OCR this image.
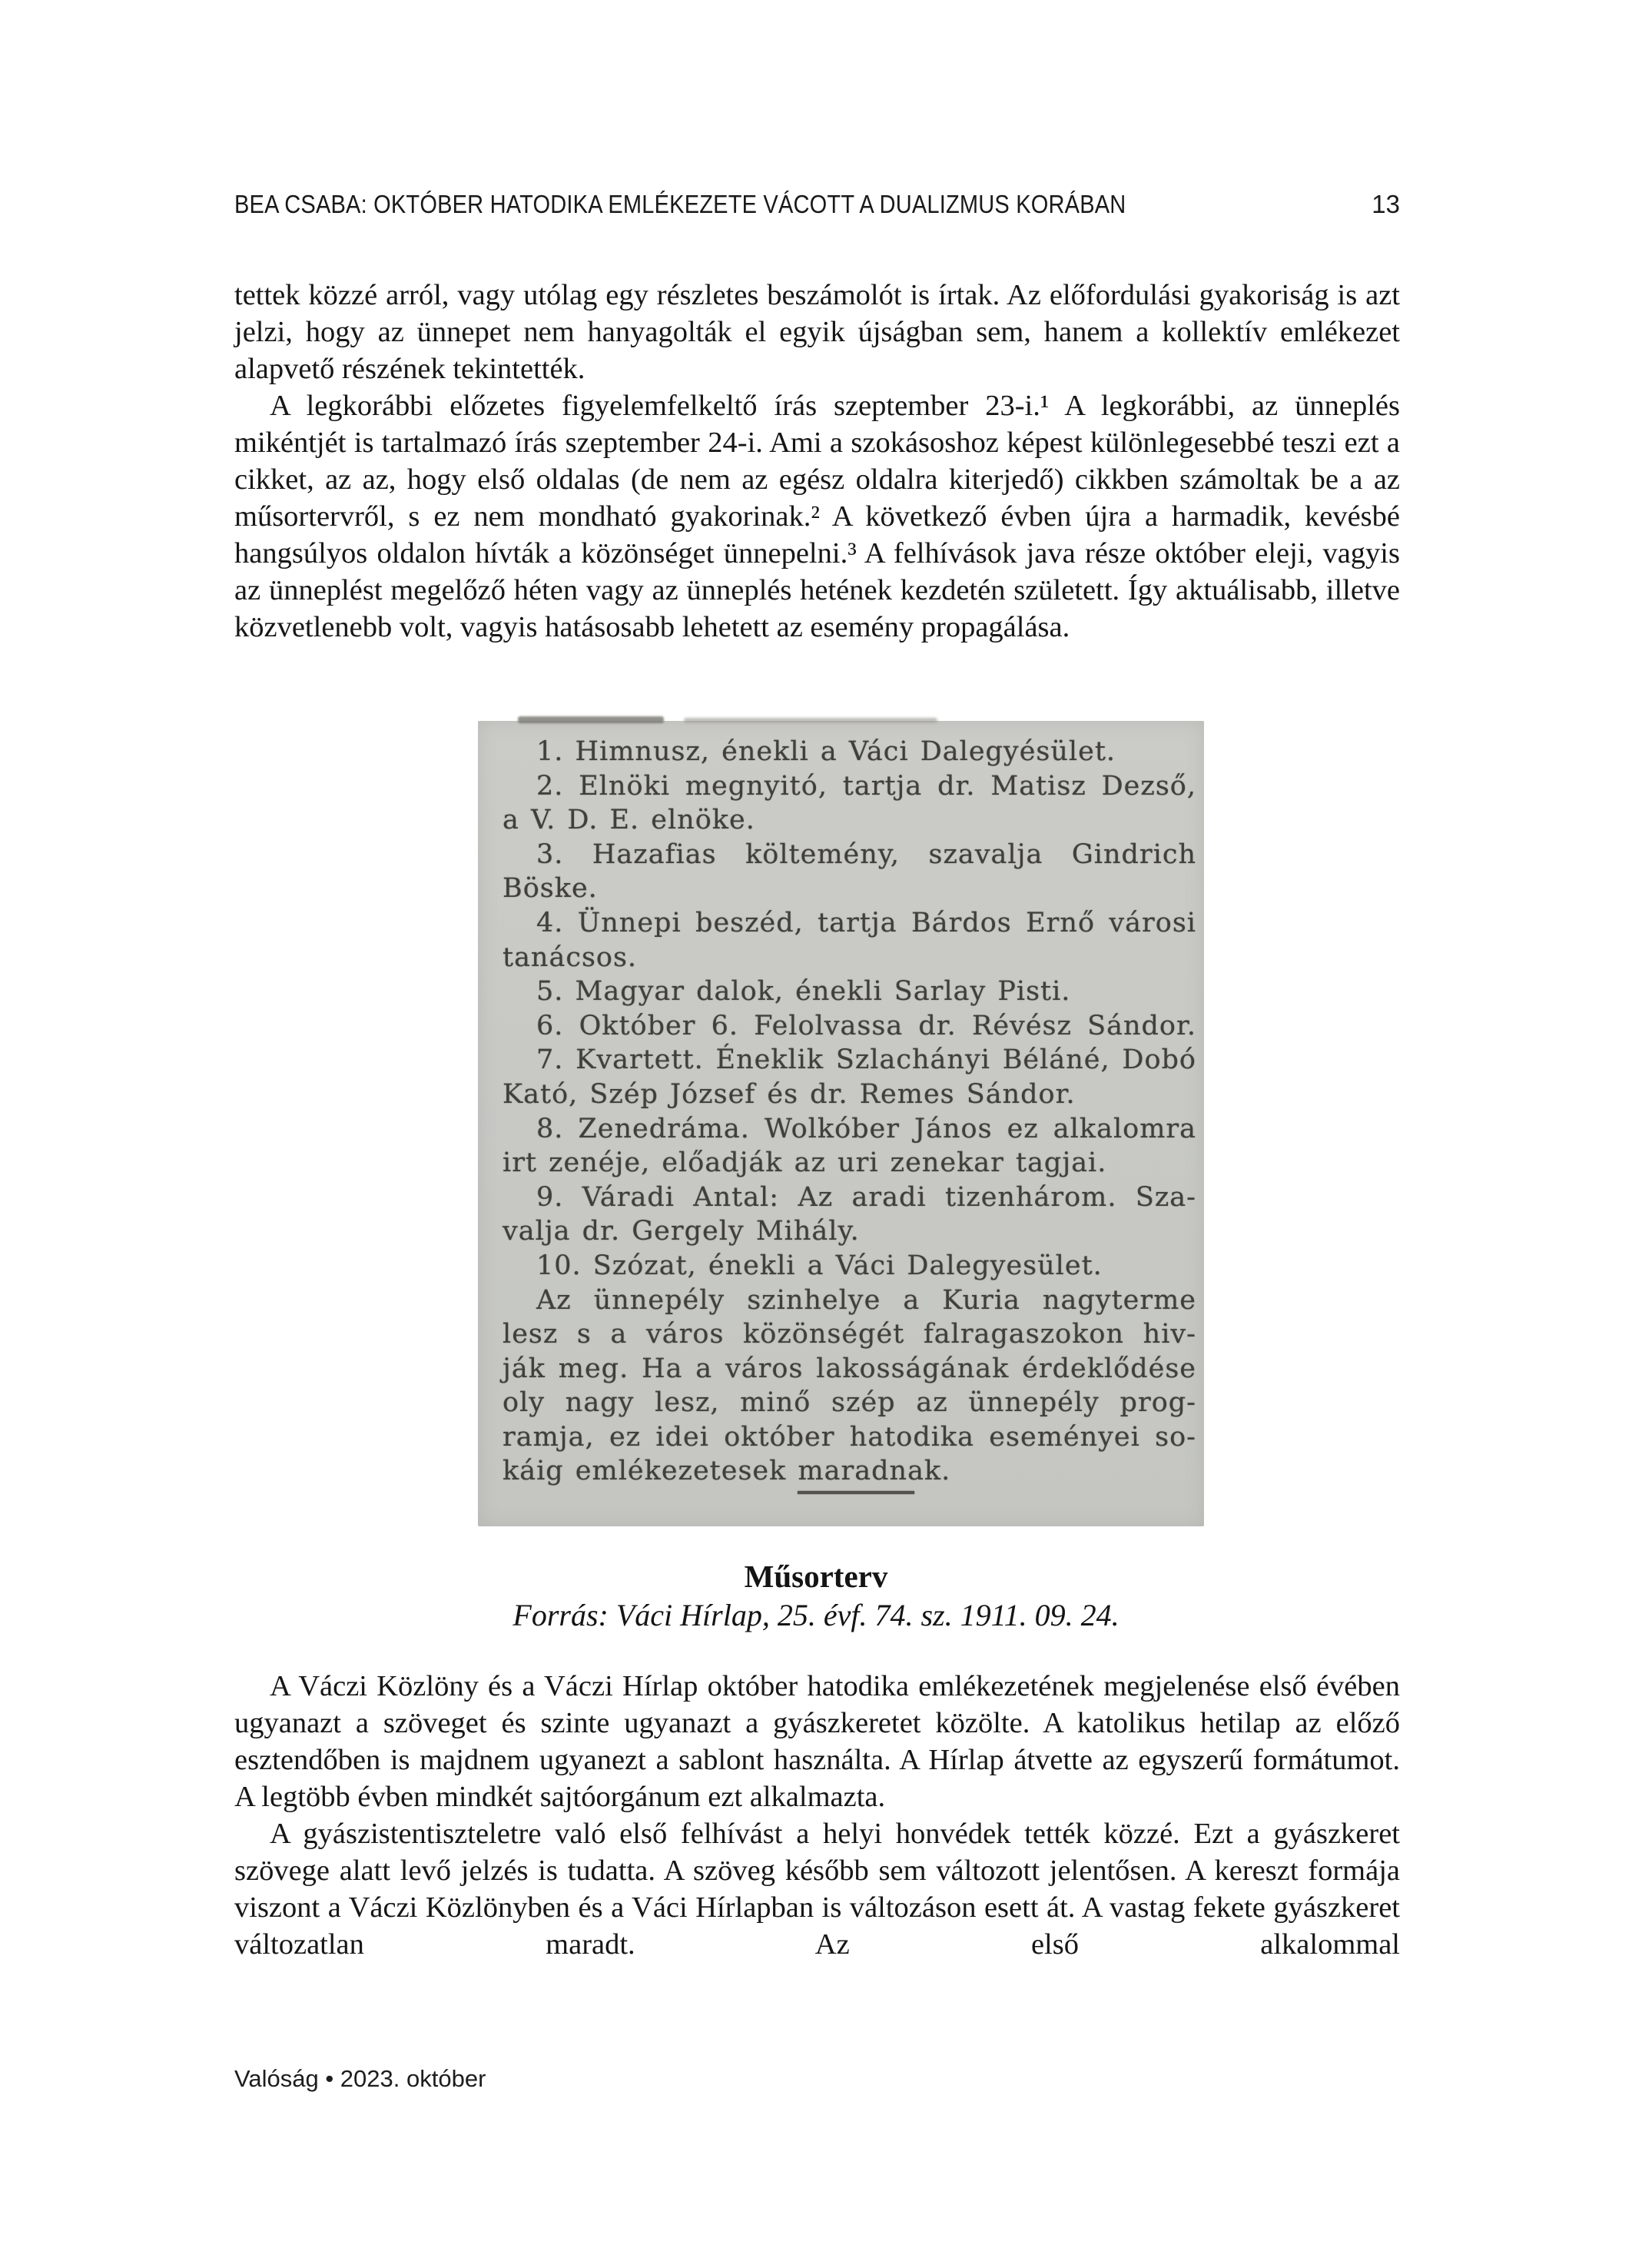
BEA CSABA: OKTÓBER HATODIKA EMLÉKEZETE VÁCOTT A DUALIZMUS KORÁBAN	13

tettek közzé arról, vagy utólag egy részletes beszámolót is írtak. Az előfordulási gyakoriság is azt jelzi, hogy az ünnepet nem hanyagolták el egyik újságban sem, hanem a kollektív emlékezet alapvető részének tekintették.

A legkorábbi előzetes figyelemfelkeltő írás szeptember 23-i.¹ A legkorábbi, az ünneplés mikéntjét is tartalmazó írás szeptember 24-i. Ami a szokásoshoz képest különlegesebbé teszi ezt a cikket, az az, hogy első oldalas (de nem az egész oldalra kiterjedő) cikkben számoltak be a az műsortervről, s ez nem mondható gyakorinak.² A következő évben újra a harmadik, kevésbé hangsúlyos oldalon hívták a közönséget ünnepelni.³ A felhívások java része október eleji, vagyis az ünneplést megelőző héten vagy az ünneplés hetének kezdetén született. Így aktuálisabb, illetve közvetlenebb volt, vagyis hatásosabb lehetett az esemény propagálása.

1. Himnusz, énekli a Váci Dalegyésület.
2. Elnöki megnyitó, tartja dr. Matisz Dezső,
a V. D. E. elnöke.
3. Hazafias költemény, szavalja Gindrich
Böske.
4. Ünnepi beszéd, tartja Bárdos Ernő városi
tanácsos.
5. Magyar dalok, énekli Sarlay Pisti.
6. Október 6. Felolvassa dr. Révész Sándor.
7. Kvartett. Éneklik Szlachányi Béláné, Dobó
Kató, Szép József és dr. Remes Sándor.
8. Zenedráma. Wolkóber János ez alkalomra
irt zenéje, előadják az uri zenekar tagjai.
9. Váradi Antal: Az aradi tizenhárom. Sza-
valja dr. Gergely Mihály.
10. Szózat, énekli a Váci Dalegyesület.
Az ünnepély szinhelye a Kuria nagyterme
lesz s a város közönségét falragaszokon hiv-
ják meg. Ha a város lakosságának érdeklődése
oly nagy lesz, minő szép az ünnepély prog-
ramja, ez idei október hatodika eseményei so-
káig emlékezetesek maradnak.
Műsorterv
Forrás: Váci Hírlap, 25. évf. 74. sz. 1911. 09. 24.

A Váczi Közlöny és a Váczi Hírlap október hatodika emlékezetének megjelenése első évében ugyanazt a szöveget és szinte ugyanazt a gyászkeretet közölte. A katolikus hetilap az előző esztendőben is majdnem ugyanezt a sablont használta. A Hírlap átvette az egyszerű formátumot. A legtöbb évben mindkét sajtóorgánum ezt alkalmazta.

A gyászistentiszteletre való első felhívást a helyi honvédek tették közzé. Ezt a gyászkeret szövege alatt levő jelzés is tudatta. A szöveg később sem változott jelentősen. A kereszt formája viszont a Váczi Közlönyben és a Váci Hírlapban is változáson esett át. A vastag fekete gyászkeret változatlan maradt. Az első alkalommal

Valóság • 2023. október
